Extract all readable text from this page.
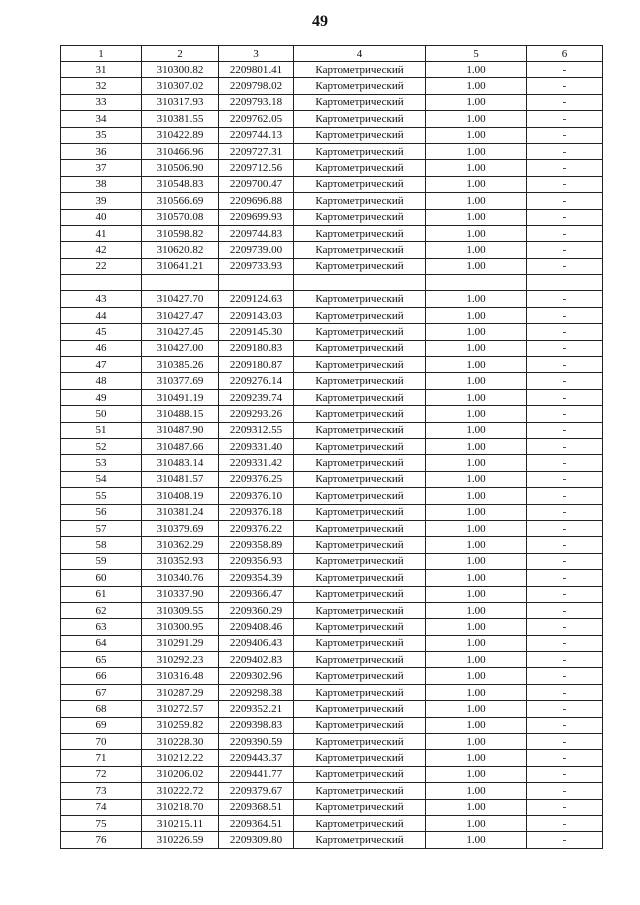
49
1	2	3	4	5	6
31	310300.82	2209801.41	Картометрический	1.00	-
32	310307.02	2209798.02	Картометрический	1.00	-
33	310317.93	2209793.18	Картометрический	1.00	-
34	310381.55	2209762.05	Картометрический	1.00	-
35	310422.89	2209744.13	Картометрический	1.00	-
36	310466.96	2209727.31	Картометрический	1.00	-
37	310506.90	2209712.56	Картометрический	1.00	-
38	310548.83	2209700.47	Картометрический	1.00	-
39	310566.69	2209696.88	Картометрический	1.00	-
40	310570.08	2209699.93	Картометрический	1.00	-
41	310598.82	2209744.83	Картометрический	1.00	-
42	310620.82	2209739.00	Картометрический	1.00	-
22	310641.21	2209733.93	Картометрический	1.00	-

43	310427.70	2209124.63	Картометрический	1.00	-
44	310427.47	2209143.03	Картометрический	1.00	-
45	310427.45	2209145.30	Картометрический	1.00	-
46	310427.00	2209180.83	Картометрический	1.00	-
47	310385.26	2209180.87	Картометрический	1.00	-
48	310377.69	2209276.14	Картометрический	1.00	-
49	310491.19	2209239.74	Картометрический	1.00	-
50	310488.15	2209293.26	Картометрический	1.00	-
51	310487.90	2209312.55	Картометрический	1.00	-
52	310487.66	2209331.40	Картометрический	1.00	-
53	310483.14	2209331.42	Картометрический	1.00	-
54	310481.57	2209376.25	Картометрический	1.00	-
55	310408.19	2209376.10	Картометрический	1.00	-
56	310381.24	2209376.18	Картометрический	1.00	-
57	310379.69	2209376.22	Картометрический	1.00	-
58	310362.29	2209358.89	Картометрический	1.00	-
59	310352.93	2209356.93	Картометрический	1.00	-
60	310340.76	2209354.39	Картометрический	1.00	-
61	310337.90	2209366.47	Картометрический	1.00	-
62	310309.55	2209360.29	Картометрический	1.00	-
63	310300.95	2209408.46	Картометрический	1.00	-
64	310291.29	2209406.43	Картометрический	1.00	-
65	310292.23	2209402.83	Картометрический	1.00	-
66	310316.48	2209302.96	Картометрический	1.00	-
67	310287.29	2209298.38	Картометрический	1.00	-
68	310272.57	2209352.21	Картометрический	1.00	-
69	310259.82	2209398.83	Картометрический	1.00	-
70	310228.30	2209390.59	Картометрический	1.00	-
71	310212.22	2209443.37	Картометрический	1.00	-
72	310206.02	2209441.77	Картометрический	1.00	-
73	310222.72	2209379.67	Картометрический	1.00	-
74	310218.70	2209368.51	Картометрический	1.00	-
75	310215.11	2209364.51	Картометрический	1.00	-
76	310226.59	2209309.80	Картометрический	1.00	-
